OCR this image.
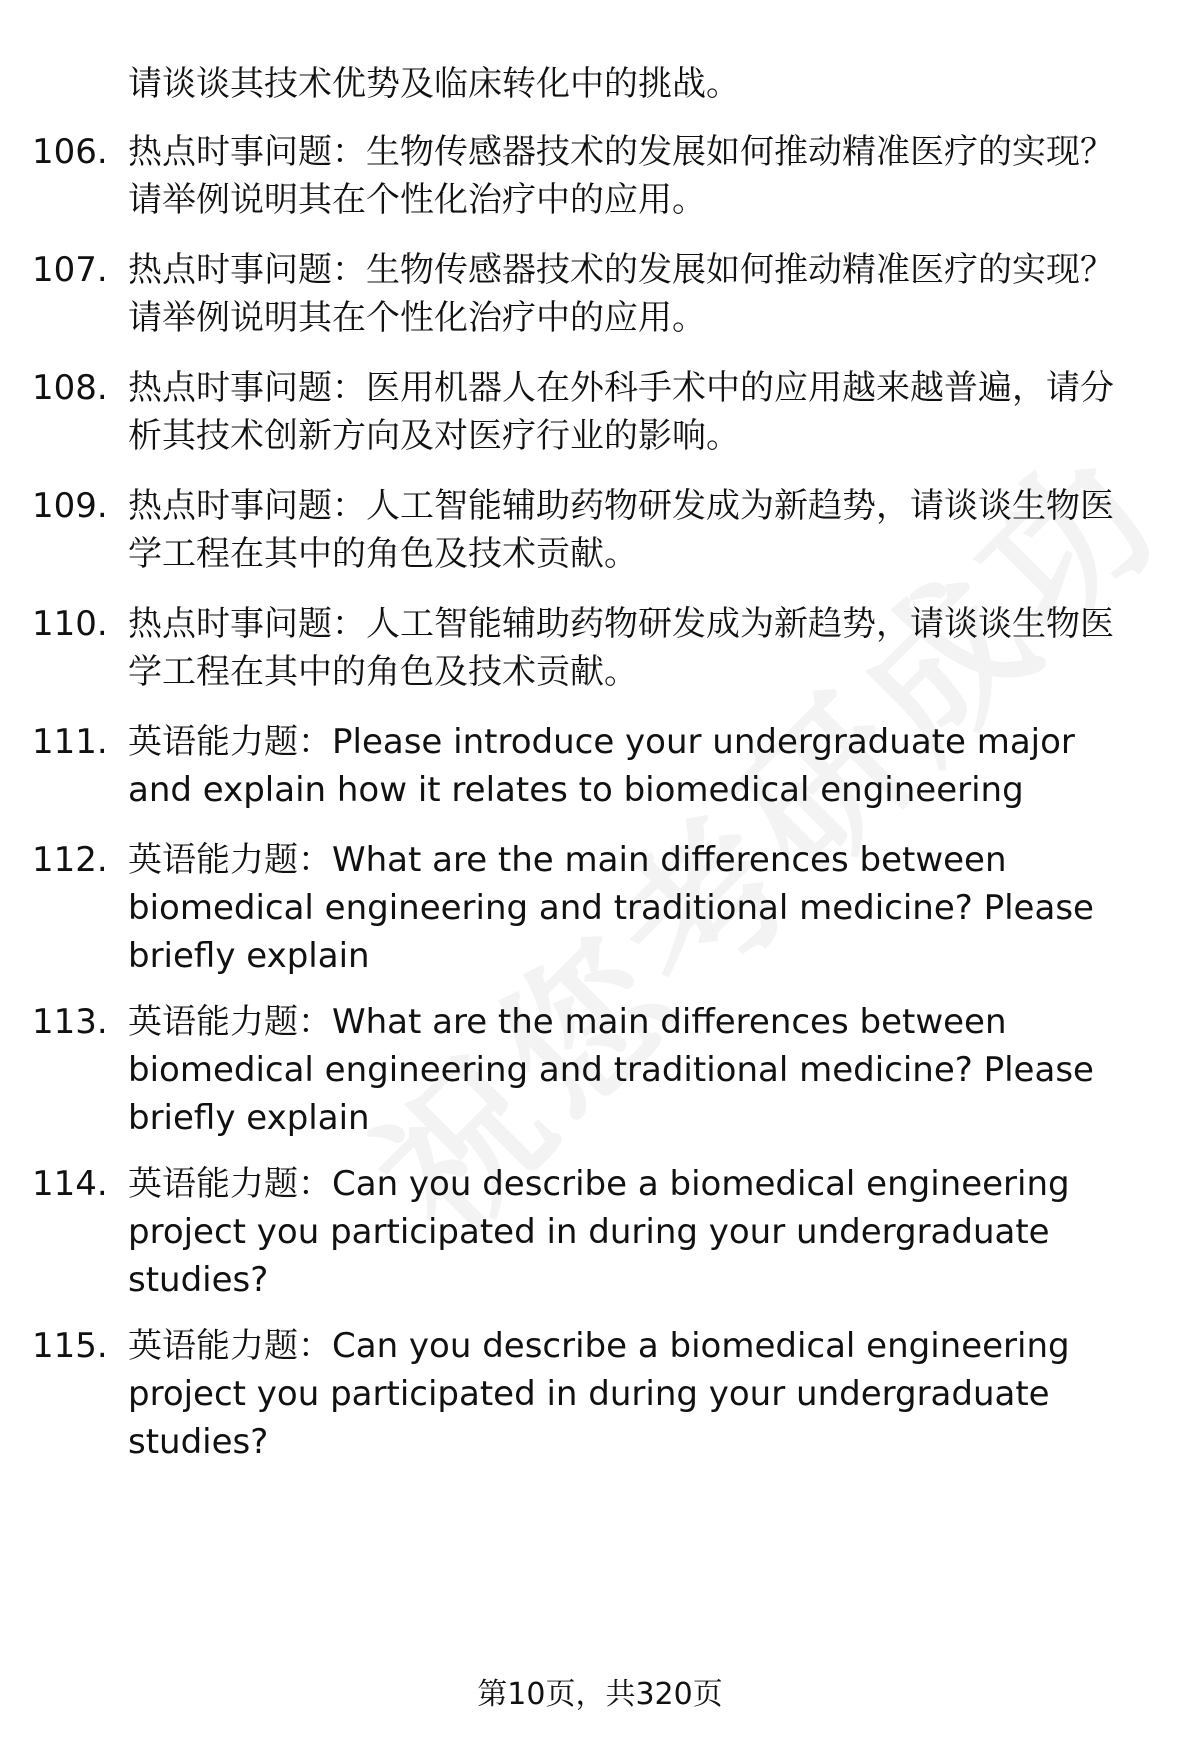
请谈谈其技术优势及临床转化中的挑战。
106. 热点时事问题：生物传感器技术的发展如何推动精准医疗的实现？请举例说明其在个性化治疗中的应用。
107. 热点时事问题：生物传感器技术的发展如何推动精准医疗的实现？请举例说明其在个性化治疗中的应用。
108. 热点时事问题：医用机器人在外科手术中的应用越来越普遍，请分析其技术创新方向及对医疗行业的影响。
109. 热点时事问题：人工智能辅助药物研发成为新趋势，请谈谈生物医学工程在其中的角色及技术贡献。
110. 热点时事问题：人工智能辅助药物研发成为新趋势，请谈谈生物医学工程在其中的角色及技术贡献。
111. 英语能力题：Please introduce your undergraduate major and explain how it relates to biomedical engineering
112. 英语能力题：What are the main differences between biomedical engineering and traditional medicine? Please briefly explain
113. 英语能力题：What are the main differences between biomedical engineering and traditional medicine? Please briefly explain
114. 英语能力题：Can you describe a biomedical engineering project you participated in during your undergraduate studies?
115. 英语能力题：Can you describe a biomedical engineering project you participated in during your undergraduate studies?
第10页，共320页
